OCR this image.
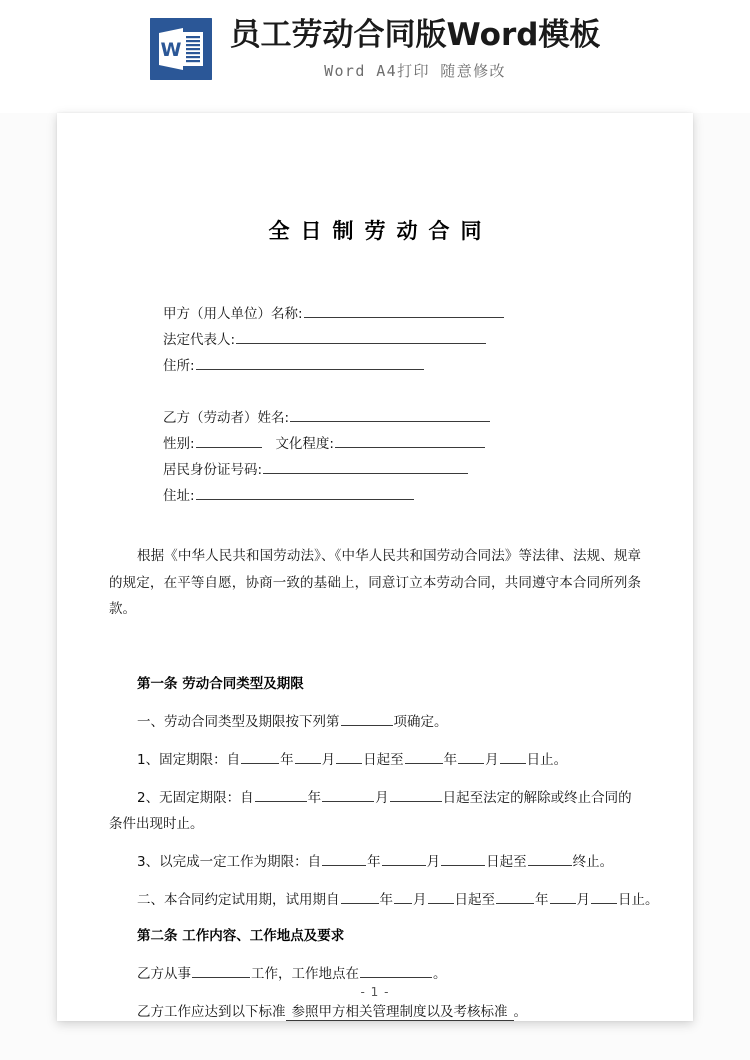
W 员工劳动合同版Word模板
Word A4打印 随意修改
全日制劳动合同
甲方（用人单位）名称:
法定代表人:
住所:
乙方（劳动者）姓名:
性别:	文化程度:
居民身份证号码:
住址:

根据《中华人民共和国劳动法》、《中华人民共和国劳动合同法》等法律、法规、规章的规定，在平等自愿，协商一致的基础上，同意订立本劳动合同，共同遵守本合同所列条款。

第一条 劳动合同类型及期限
一、劳动合同类型及期限按下列第	项确定。
1、固定期限：自	年 月 日起至	年 月 日止。
2、无固定期限：自	年	月	日起至法定的解除或终止合同的
条件出现时止。
3、以完成一定工作为期限：自	年	月	日起至	终止。
二、本合同约定试用期，试用期自	年 月 日起至	年 月 日止。
第二条 工作内容、工作地点及要求
乙方从事	工作，工作地点在	。
乙方工作应达到以下标准 参照甲方相关管理制度以及考核标准 。
- 1 -
